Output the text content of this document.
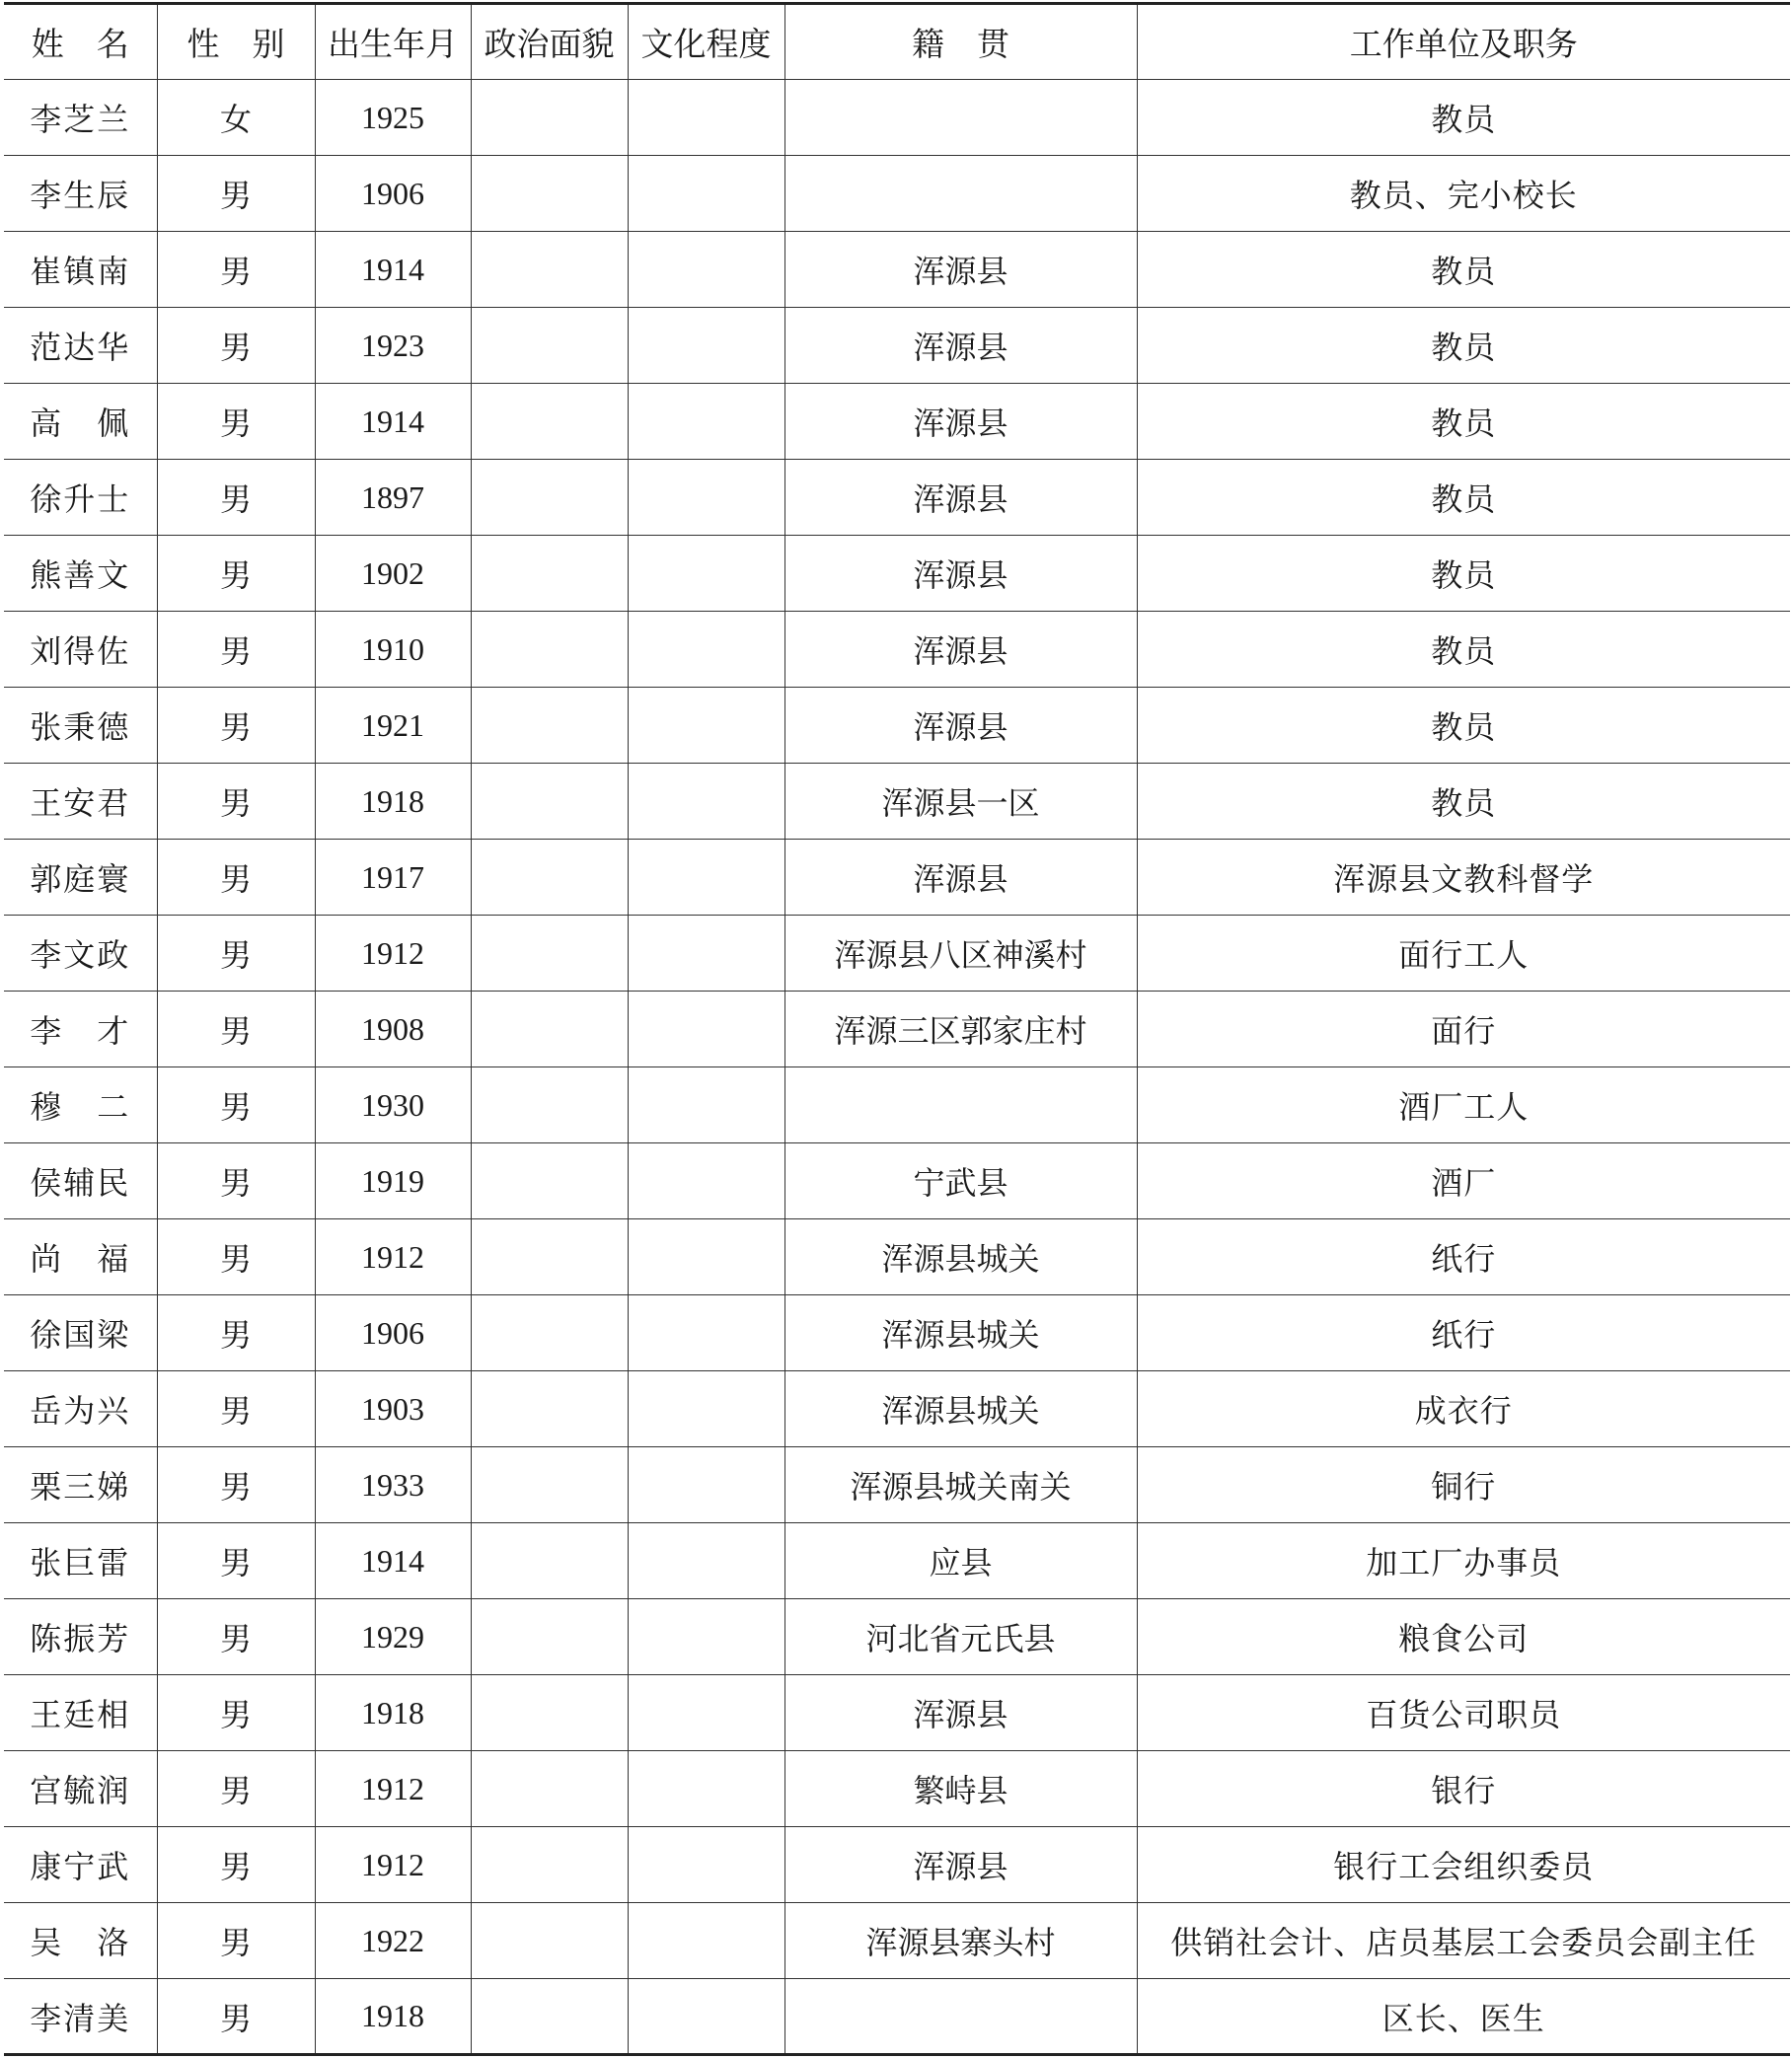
姓　名	性　别	出生年月	政治面貌	文化程度	籍　贯	工作单位及职务
李芝兰	女	1925				教员
李生辰	男	1906				教员、完小校长
崔镇南	男	1914			浑源县	教员
范达华	男	1923			浑源县	教员
高　佩	男	1914			浑源县	教员
徐升士	男	1897			浑源县	教员
熊善文	男	1902			浑源县	教员
刘得佐	男	1910			浑源县	教员
张秉德	男	1921			浑源县	教员
王安君	男	1918			浑源县一区	教员
郭庭寰	男	1917			浑源县	浑源县文教科督学
李文政	男	1912			浑源县八区神溪村	面行工人
李　才	男	1908			浑源三区郭家庄村	面行
穆　二	男	1930				酒厂工人
侯辅民	男	1919			宁武县	酒厂
尚　福	男	1912			浑源县城关	纸行
徐国梁	男	1906			浑源县城关	纸行
岳为兴	男	1903			浑源县城关	成衣行
栗三娣	男	1933			浑源县城关南关	铜行
张巨雷	男	1914			应县	加工厂办事员
陈振芳	男	1929			河北省元氏县	粮食公司
王廷相	男	1918			浑源县	百货公司职员
宫毓润	男	1912			繁峙县	银行
康宁武	男	1912			浑源县	银行工会组织委员
吴　洛	男	1922			浑源县寨头村	供销社会计、店员基层工会委员会副主任
李清美	男	1918				区长、医生
